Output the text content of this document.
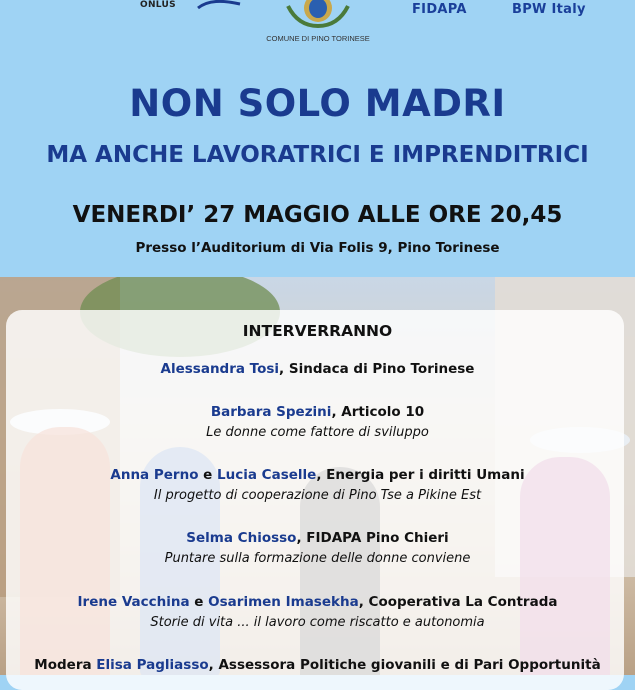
ONLUS
COMUNE DI PINO TORINESE
FIDAPA	BPW Italy
NON SOLO MADRI
MA ANCHE LAVORATRICI E IMPRENDITRICI
VENERDI’ 27 MAGGIO ALLE ORE 20,45
Presso l’Auditorium di Via Folis 9, Pino Torinese
INTERVERRANNO
Alessandra Tosi, Sindaca di Pino Torinese
Barbara Spezini, Articolo 10
Le donne come fattore di sviluppo
Anna Perno e Lucia Caselle, Energia per i diritti Umani
Il progetto di cooperazione di Pino Tse a Pikine Est
Selma Chiosso, FIDAPA Pino Chieri
Puntare sulla formazione delle donne conviene
Irene Vacchina e Osarimen Imasekha, Cooperativa La Contrada
Storie di vita ... il lavoro come riscatto e autonomia
Modera Elisa Pagliasso, Assessora Politiche giovanili e di Pari Opportunità
